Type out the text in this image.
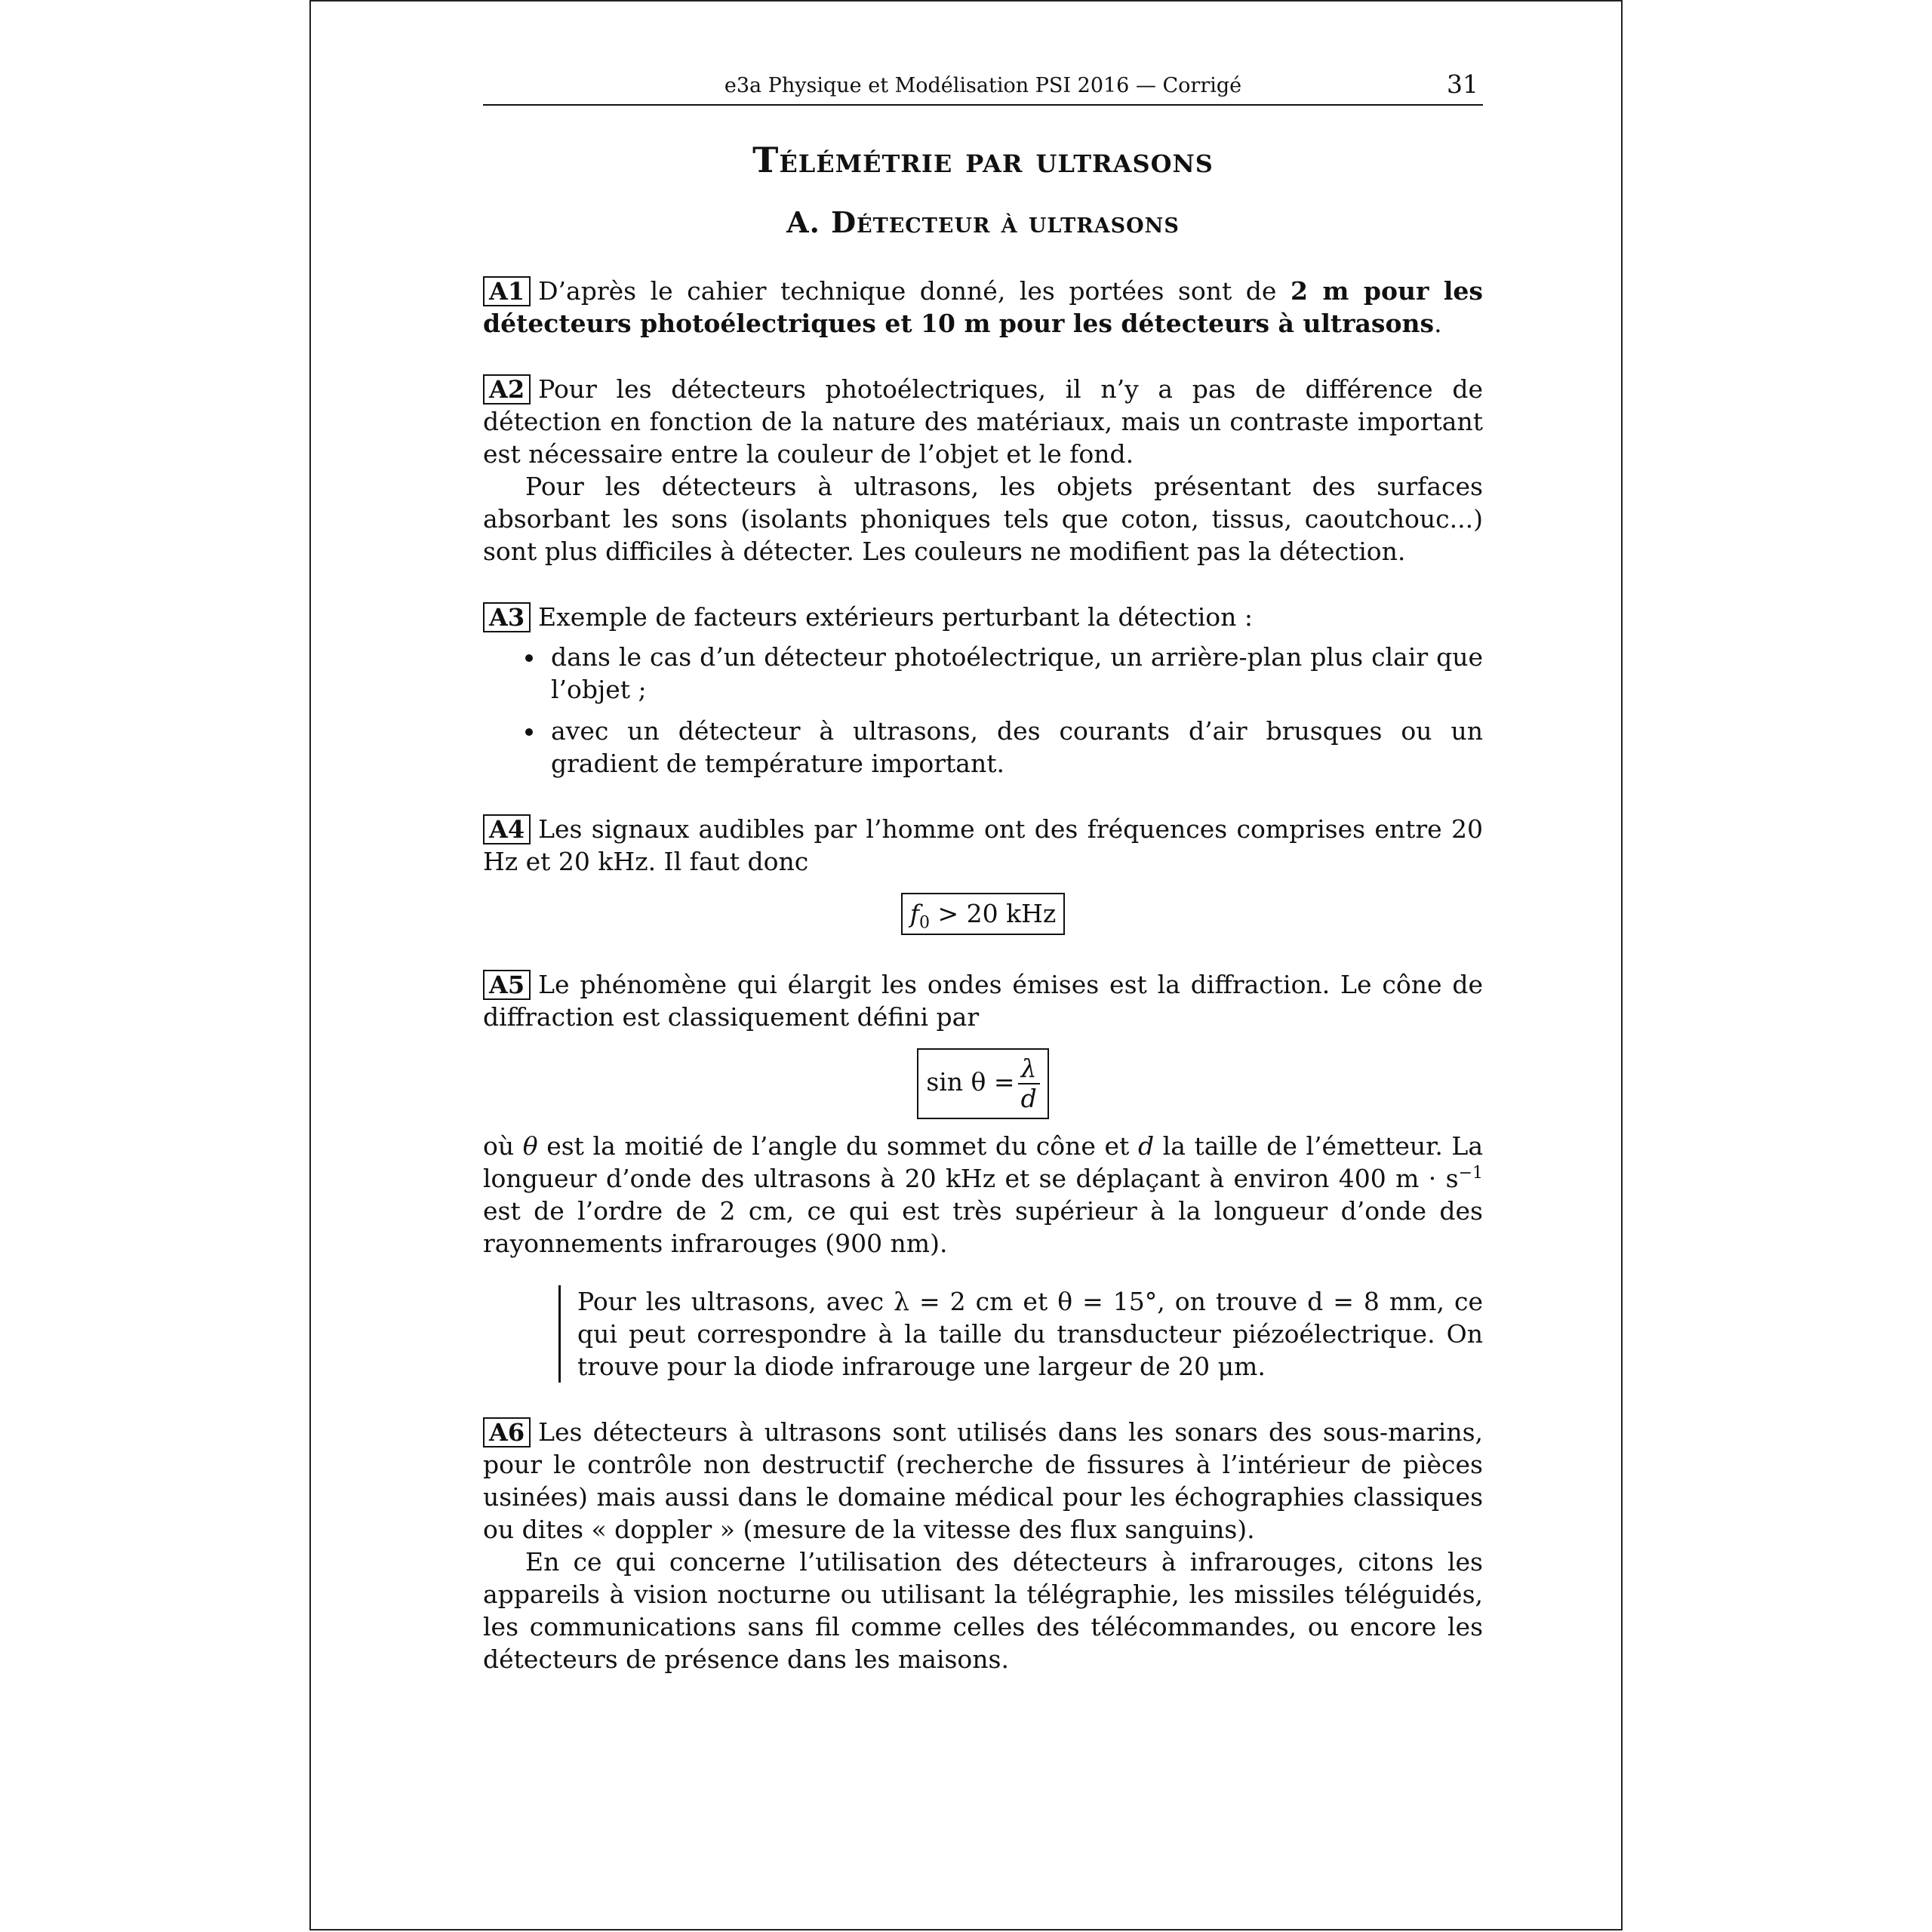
e3a Physique et Modélisation PSI 2016 — Corrigé	31
Télémétrie par ultrasons
A. Détecteur à ultrasons

A1 D’après le cahier technique donné, les portées sont de 2 m pour les détecteurs photoélectriques et 10 m pour les détecteurs à ultrasons.

A2 Pour les détecteurs photoélectriques, il n’y a pas de différence de détection en fonction de la nature des matériaux, mais un contraste important est nécessaire entre la couleur de l’objet et le fond.

Pour les détecteurs à ultrasons, les objets présentant des surfaces absorbant les sons (isolants phoniques tels que coton, tissus, caoutchouc...) sont plus difficiles à détecter. Les couleurs ne modifient pas la détection.

A3 Exemple de facteurs extérieurs perturbant la détection :

dans le cas d’un détecteur photoélectrique, un arrière-plan plus clair que l’objet ;
avec un détecteur à ultrasons, des courants d’air brusques ou un gradient de température important.

A4 Les signaux audibles par l’homme ont des fréquences comprises entre 20 Hz et 20 kHz. Il faut donc

$f_0 > 20$ kHz

A5 Le phénomène qui élargit les ondes émises est la diffraction. Le cône de diffraction est classiquement défini par

$\sin \theta = \frac{\lambda}{d}$

où θ est la moitié de l’angle du sommet du cône et d la taille de l’émetteur. La longueur d’onde des ultrasons à 20 kHz et se déplaçant à environ 400 $m \cdot s^{-1}$ est de l’ordre de 2 cm, ce qui est très supérieur à la longueur d’onde des rayonnements infrarouges (900 nm).

Pour les ultrasons, avec λ = 2 cm et θ = 15°, on trouve d = 8 mm, ce qui peut correspondre à la taille du transducteur piézoélectrique. On trouve pour la diode infrarouge une largeur de 20 μm.

A6 Les détecteurs à ultrasons sont utilisés dans les sonars des sous-marins, pour le contrôle non destructif (recherche de fissures à l’intérieur de pièces usinées) mais aussi dans le domaine médical pour les échographies classiques ou dites « doppler » (mesure de la vitesse des flux sanguins).

En ce qui concerne l’utilisation des détecteurs à infrarouges, citons les appareils à vision nocturne ou utilisant la télégraphie, les missiles téléguidés, les communications sans fil comme celles des télécommandes, ou encore les détecteurs de présence dans les maisons.
